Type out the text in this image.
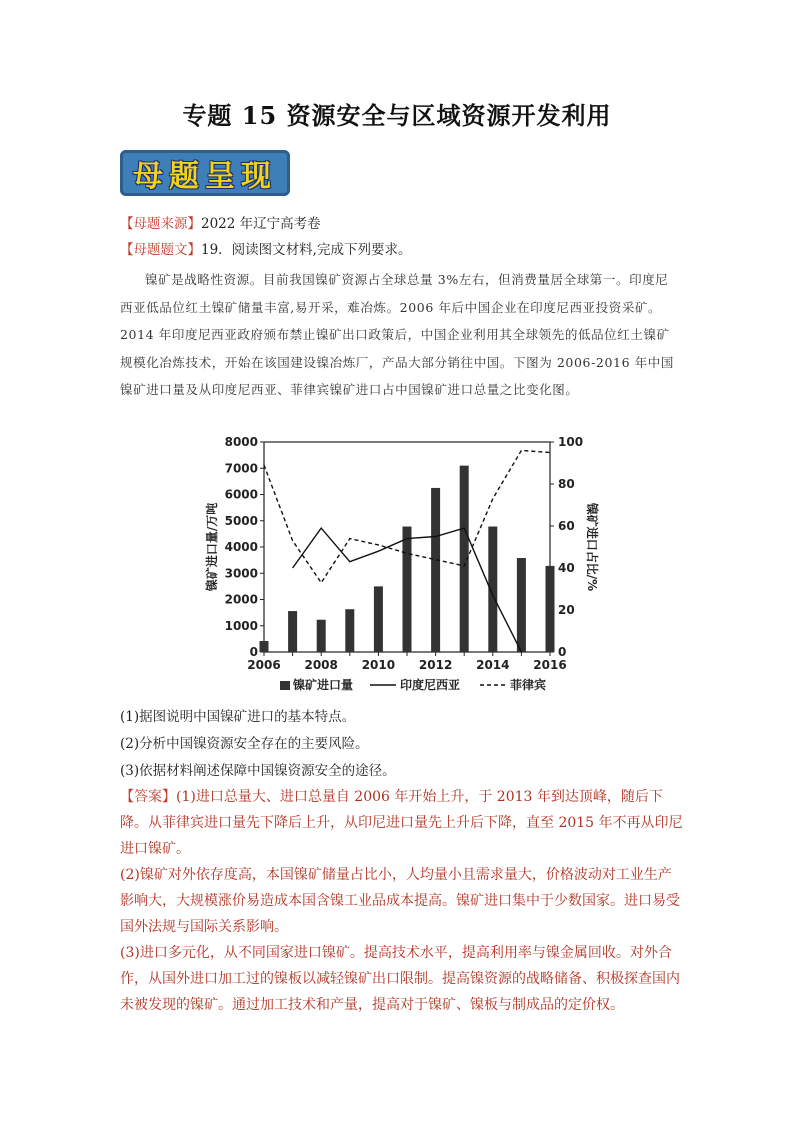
专题 15 资源安全与区域资源开发利用
母题呈现
【母题来源】2022 年辽宁高考卷
【母题题文】19．阅读图文材料,完成下列要求。
镍矿是战略性资源。目前我国镍矿资源占全球总量 3%左右，但消费量居全球第一。印度尼西亚低品位红土镍矿储量丰富,易开采，难冶炼。2006 年后中国企业在印度尼西亚投资采矿。2014 年印度尼西亚政府颁布禁止镍矿出口政策后，中国企业利用其全球领先的低品位红土镍矿规模化冶炼技术，开始在该国建设镍冶炼厂，产品大部分销往中国。下图为 2006-2016 年中国镍矿进口量及从印度尼西亚、菲律宾镍矿进口占中国镍矿进口总量之比变化图。
0
1000
2000
3000
4000
5000
6000
7000
8000
0
20
40
60
80
100
2006 2008 2010 2012 2014 2016
镍矿进口量/万吨	镍矿进口占比/%
镍矿进口量	印度尼西亚	菲律宾
(1)据图说明中国镍矿进口的基本特点。
(2)分析中国镍资源安全存在的主要风险。
(3)依据材料阐述保障中国镍资源安全的途径。
【答案】(1)进口总量大、进口总量自 2006 年开始上升，于 2013 年到达顶峰，随后下降。从菲律宾进口量先下降后上升，从印尼进口量先上升后下降，直至 2015 年不再从印尼进口镍矿。
(2)镍矿对外依存度高，本国镍矿储量占比小，人均量小且需求量大，价格波动对工业生产影响大，大规模涨价易造成本国含镍工业品成本提高。镍矿进口集中于少数国家。进口易受国外法规与国际关系影响。
(3)进口多元化，从不同国家进口镍矿。提高技术水平，提高利用率与镍金属回收。对外合作，从国外进口加工过的镍板以减轻镍矿出口限制。提高镍资源的战略储备、积极探查国内未被发现的镍矿。通过加工技术和产量，提高对于镍矿、镍板与制成品的定价权。
